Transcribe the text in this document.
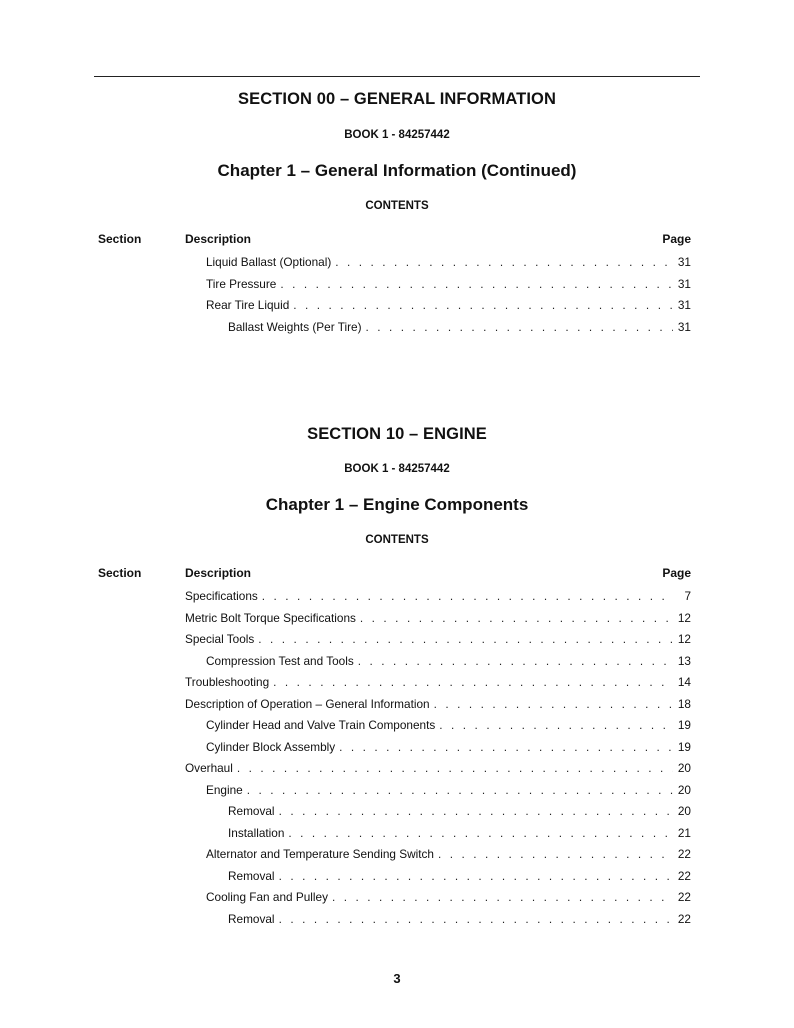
SECTION 00 – GENERAL INFORMATION
BOOK 1 - 84257442
Chapter 1 – General Information (Continued)
CONTENTS
Section	Description	Page
Liquid Ballast (Optional) . . .	31
Tire Pressure . . .	31
Rear Tire Liquid . . .	31
Ballast Weights (Per Tire) . . .	31
SECTION 10 – ENGINE
BOOK 1 - 84257442
Chapter 1 – Engine Components
CONTENTS
Section	Description	Page
Specifications . . .	7
Metric Bolt Torque Specifications . . .	12
Special Tools . . .	12
Compression Test and Tools . . .	13
Troubleshooting . . .	14
Description of Operation – General Information . . .	18
Cylinder Head and Valve Train Components . . .	19
Cylinder Block Assembly . . .	19
Overhaul . . .	20
Engine . . .	20
Removal . . .	20
Installation . . .	21
Alternator and Temperature Sending Switch . . .	22
Removal . . .	22
Cooling Fan and Pulley . . .	22
Removal . . .	22
3
